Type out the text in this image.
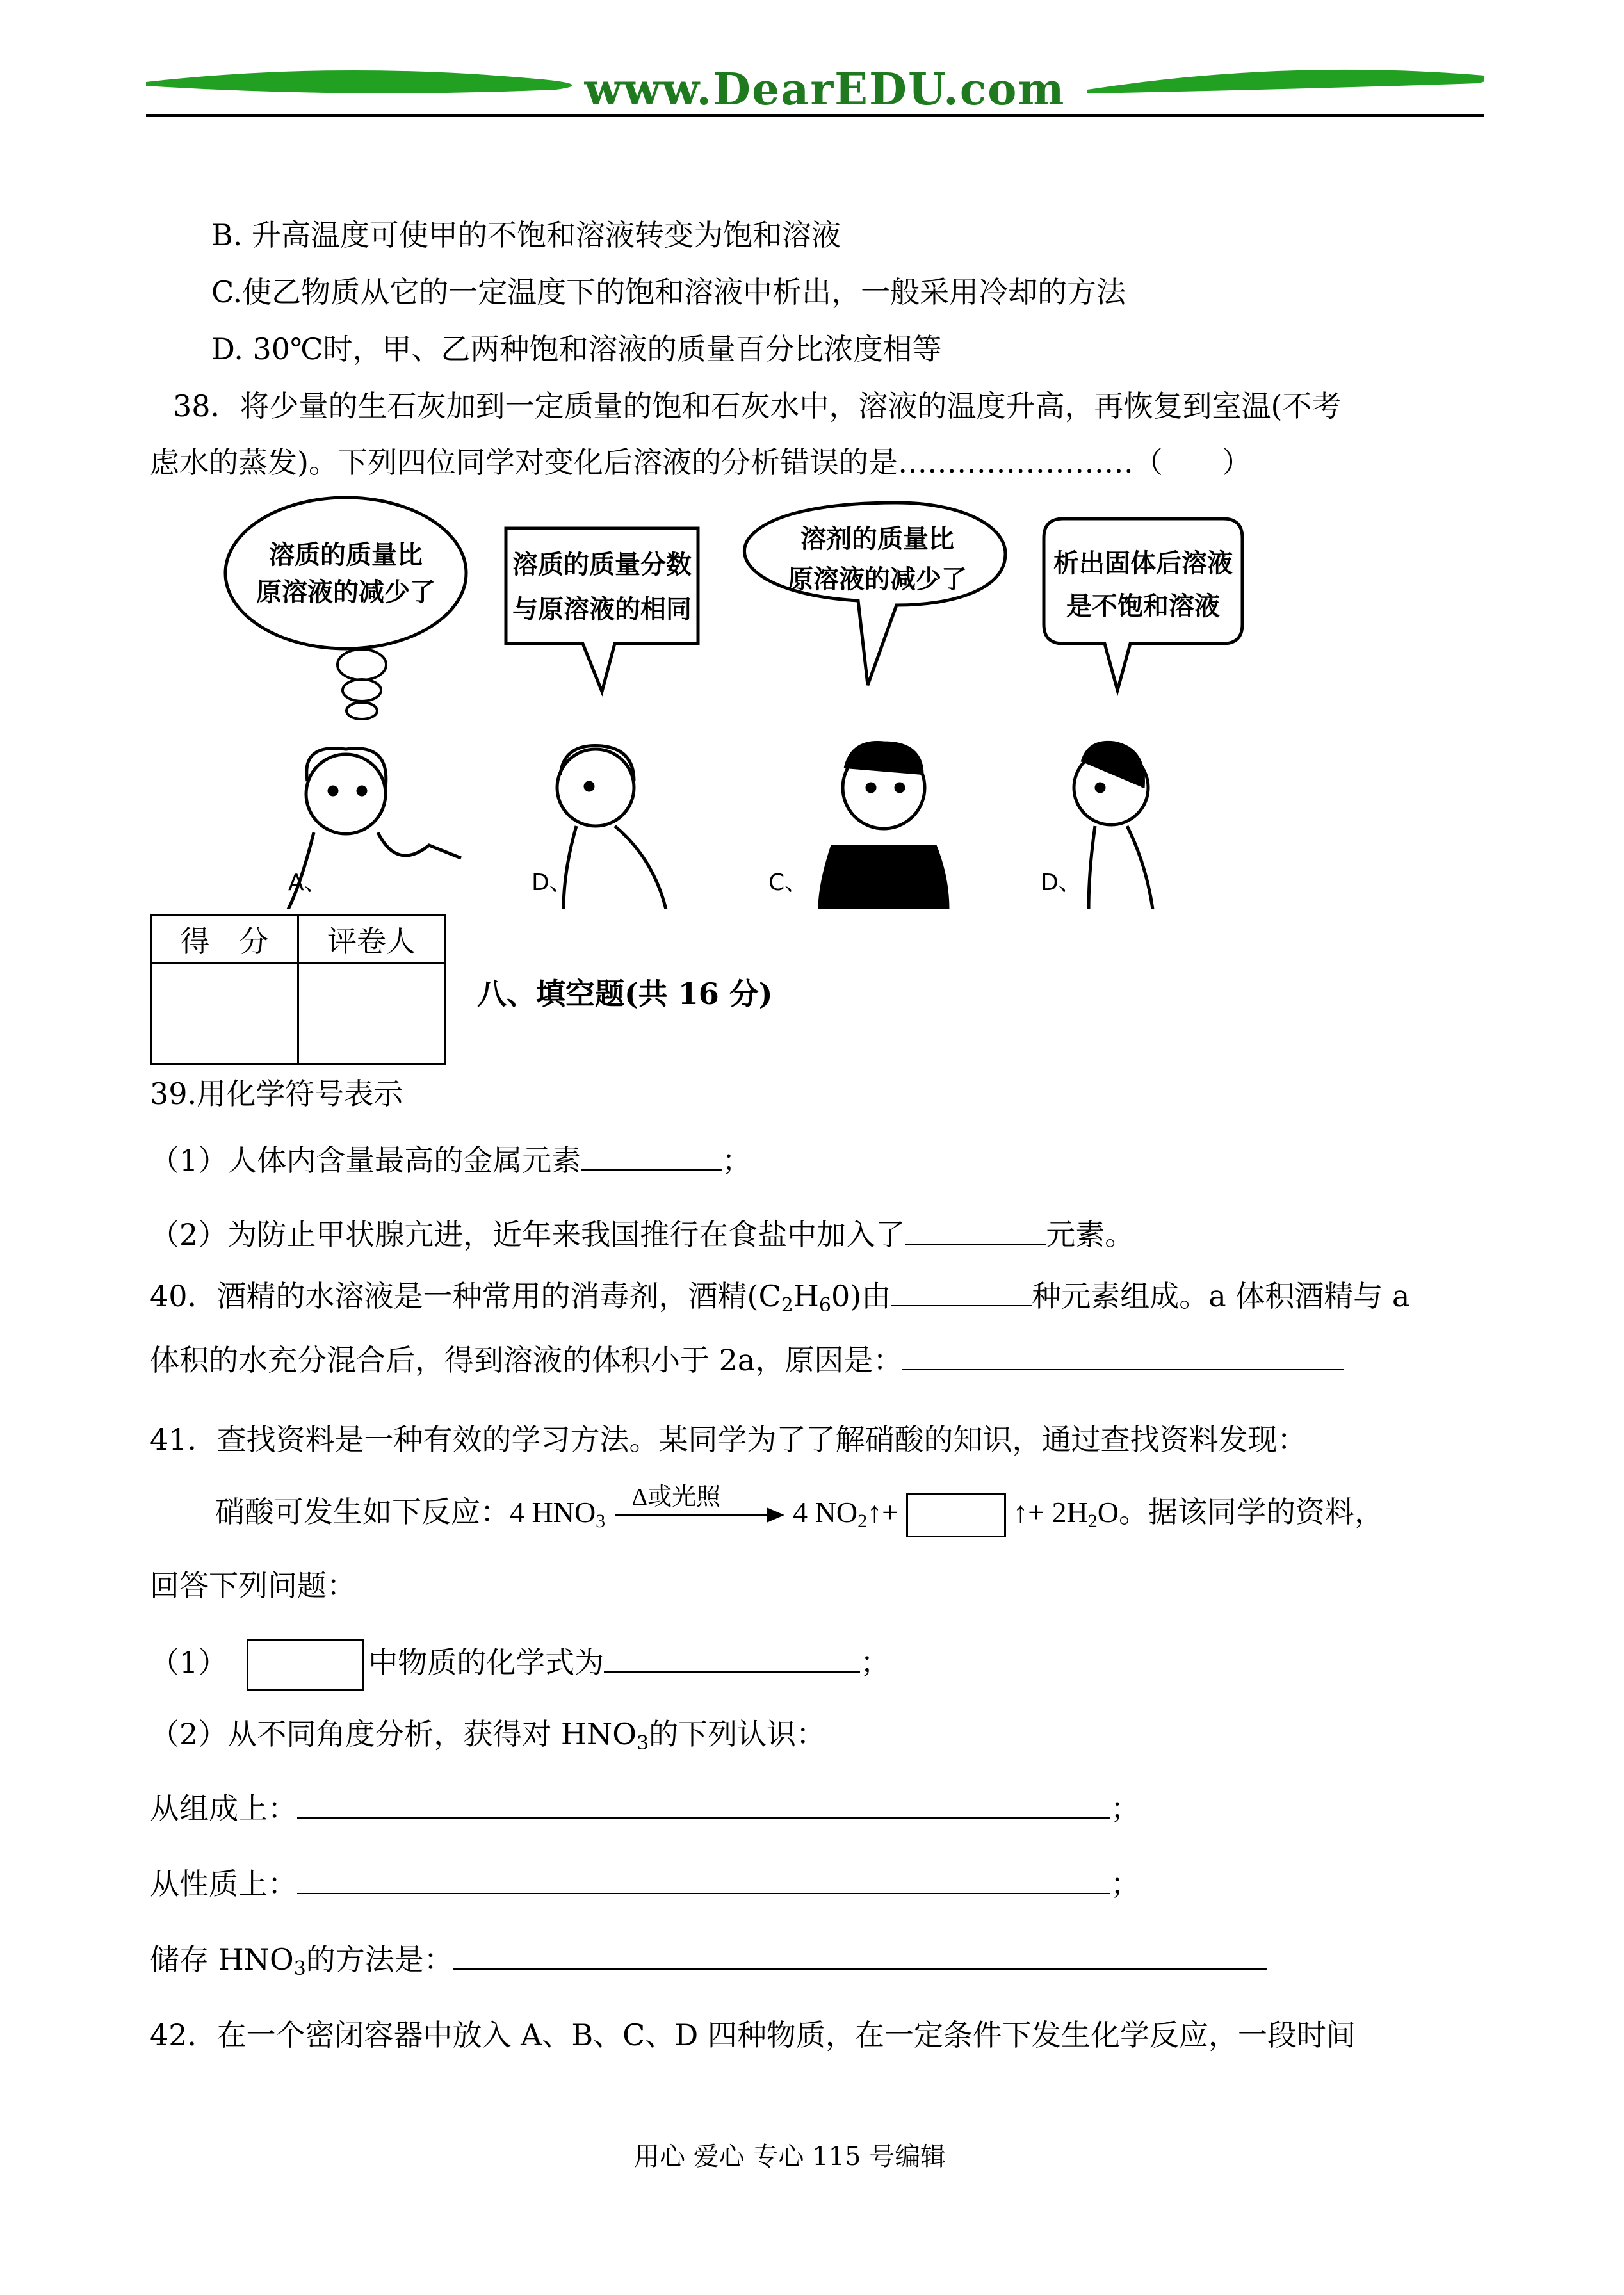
www.DearEDU.com
B. 升高温度可使甲的不饱和溶液转变为饱和溶液
C.使乙物质从它的一定温度下的饱和溶液中析出，一般采用冷却的方法
D. 30℃时，甲、乙两种饱和溶液的质量百分比浓度相等
38．将少量的生石灰加到一定质量的饱和石灰水中，溶液的温度升高，再恢复到室温(不考
虑水的蒸发)。下列四位同学对变化后溶液的分析错误的是……………………（　　）
溶质的质量比
原溶液的减少了
溶质的质量分数
与原溶液的相同
溶剂的质量比
原溶液的减少了
析出固体后溶液
是不饱和溶液
A、	D、	C、	D、
得　分	评卷人

八、填空题(共 16 分)
39.用化学符号表示
（1）人体内含量最高的金属元素	；
（2）为防止甲状腺亢进，近年来我国推行在食盐中加入了	元素。
40．酒精的水溶液是一种常用的消毒剂，酒精$(C_2H_60)$由	种元素组成。a 体积酒精与 a
体积的水充分混合后，得到溶液的体积小于 2a，原因是：
41．查找资料是一种有效的学习方法。某同学为了了解硝酸的知识，通过查找资料发现：
硝酸可发生如下反应：4 $HNO_3$
Δ或光照 4 $NO_2↑+$	↑+ $2H_2O$。据该同学的资料，
回答下列问题：
（1）	中物质的化学式为	；
（2）从不同角度分析，获得对 $HNO_3$的下列认识：
从组成上：	；
从性质上：	；
储存 $HNO_3$的方法是：
42．在一个密闭容器中放入 A、B、C、D 四种物质，在一定条件下发生化学反应，一段时间
用心 爱心 专心 115 号编辑
